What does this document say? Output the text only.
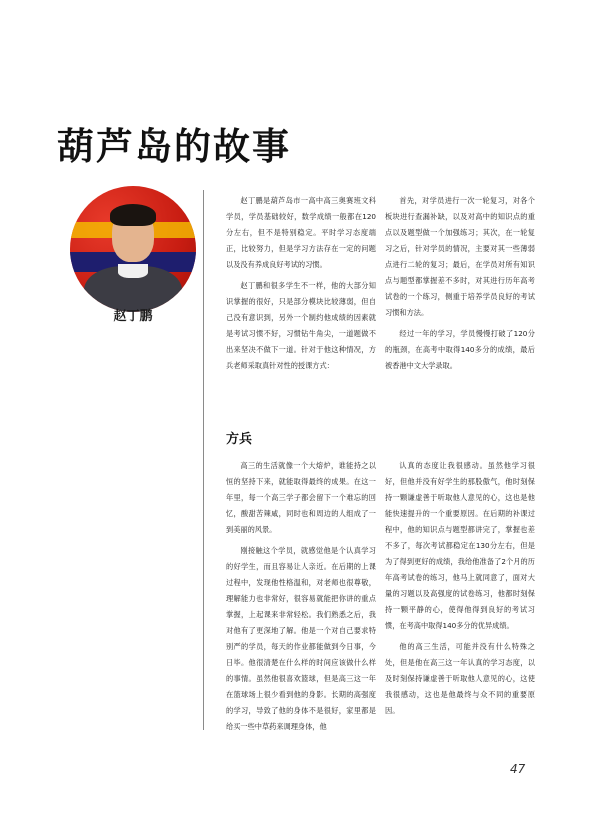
葫芦岛的故事

赵丁鹏

赵丁鹏是葫芦岛市一高中高三奥赛班文科学员，学员基础较好，数学成绩一般都在120分左右，但不是特别稳定。平时学习态度端正，比较努力，但是学习方法存在一定的问题以及没有养成良好考试的习惯。

赵丁鹏和很多学生不一样，他的大部分知识掌握的很好，只是部分模块比较薄弱，但自己没有意识到，另外一个制约他成绩的因素就是考试习惯不好，习惯钻牛角尖，一道题做不出来坚决不做下一道。针对于他这种情况，方兵老师采取真针对性的授课方式：

首先，对学员进行一次一轮复习，对各个板块进行查漏补缺，以及对高中的知识点的重点以及题型做一个加强练习；其次，在一轮复习之后，针对学员的情况，主要对其一些薄弱点进行二轮的复习；最后，在学员对所有知识点与题型都掌握差不多时，对其进行历年高考试卷的一个练习，侧重于培养学员良好的考试习惯和方法。

经过一年的学习，学员慢慢打破了120分的瓶颈，在高考中取得140多分的成绩，最后被香港中文大学录取。

方兵

高三的生活就像一个大熔炉，谁能持之以恒的坚持下来，就能取得最终的成果。在这一年里，每一个高三学子都会留下一个难忘的回忆，酸甜苦辣咸，同时也和周边的人组成了一到美丽的风景。

刚接触这个学员，就感觉他是个认真学习的好学生，而且容易让人亲近。在后期的上课过程中，发现他性格温和，对老师也很尊敬，理解能力也非常好，很容易就能把你讲的重点掌握，上起课来非常轻松。我们熟悉之后，我对他有了更深地了解。他是一个对自己要求特别严的学员，每天的作业都能做到今日事，今日毕。他很清楚在什么样的时间应该做什么样的事情。虽然他很喜欢篮球，但是高三这一年在篮球场上很少看到他的身影。长期的高强度的学习，导致了他的身体不是很好，家里都是给买一些中草药来调理身体，他

认真的态度让我很感动。虽然他学习很好，但他并没有好学生的那股傲气，他时刻保持一颗谦虚善于听取他人意见的心，这也是他能快速提升的一个重要原因。在后期的补课过程中，他的知识点与题型都讲完了，掌握也差不多了，每次考试都稳定在130分左右，但是为了得到更好的成绩，我给他准备了2个月的历年高考试卷的练习，他马上就同意了，面对大量的习题以及高强度的试卷练习，他都时刻保持一颗平静的心，使得他得到良好的考试习惯，在考高中取得140多分的优异成绩。

他的高三生活，可能并没有什么特殊之处，但是他在高三这一年认真的学习态度，以及时刻保持谦虚善于听取他人意见的心，这使我很感动，这也是他最终与众不同的重要原因。

47
